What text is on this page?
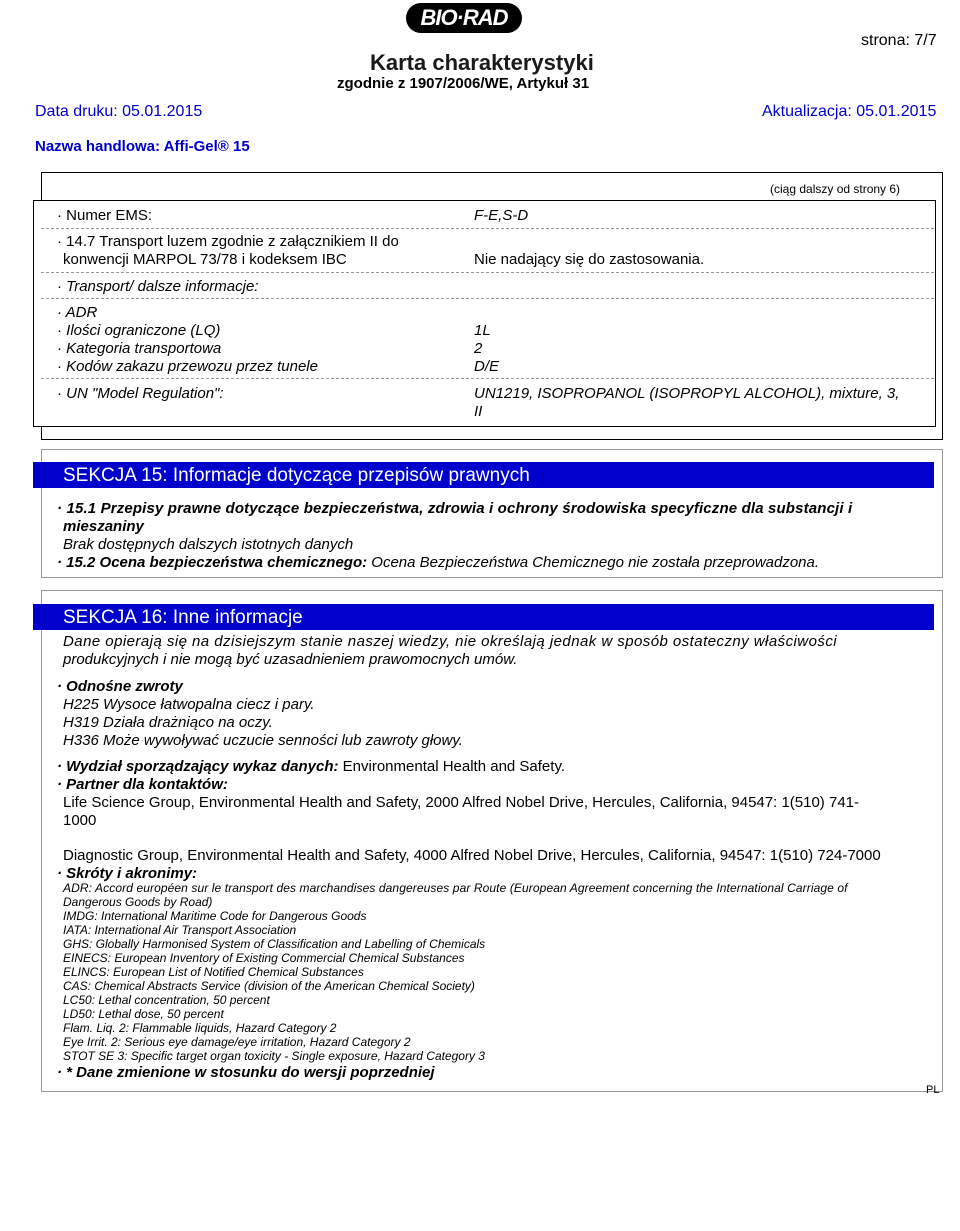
BIO·RAD
strona: 7/7
Karta charakterystyki
zgodnie z 1907/2006/WE, Artykuł 31
Data druku: 05.01.2015	Aktualizacja: 05.01.2015
Nazwa handlowa: Affi-Gel® 15
(ciąg dalszy od strony 6)
· Numer EMS:	F-E,S-D
· 14.7 Transport luzem zgodnie z załącznikiem II do
konwencji MARPOL 73/78 i kodeksem IBC	Nie nadający się do zastosowania.
· Transport/ dalsze informacje:
· ADR
· Ilości ograniczone (LQ)	1L
· Kategoria transportowa	2
· Kodów zakazu przewozu przez tunele	D/E
· UN "Model Regulation":	UN1219, ISOPROPANOL (ISOPROPYL ALCOHOL), mixture, 3,
II
SEKCJA 15: Informacje dotyczące przepisów prawnych
· 15.1 Przepisy prawne dotyczące bezpieczeństwa, zdrowia i ochrony środowiska specyficzne dla substancji i
mieszaniny
Brak dostępnych dalszych istotnych danych
· 15.2 Ocena bezpieczeństwa chemicznego: Ocena Bezpieczeństwa Chemicznego nie została przeprowadzona.
SEKCJA 16: Inne informacje
Dane opierają się na dzisiejszym stanie naszej wiedzy, nie określają jednak w sposób ostateczny właściwości
produkcyjnych i nie mogą być uzasadnieniem prawomocnych umów.
· Odnośne zwroty
H225 Wysoce łatwopalna ciecz i pary.
H319 Działa drażniąco na oczy.
H336 Może wywoływać uczucie senności lub zawroty głowy.
· Wydział sporządzający wykaz danych: Environmental Health and Safety.
· Partner dla kontaktów:
Life Science Group, Environmental Health and Safety, 2000 Alfred Nobel Drive, Hercules, California, 94547: 1(510) 741-
1000
Diagnostic Group, Environmental Health and Safety, 4000 Alfred Nobel Drive, Hercules, California, 94547: 1(510) 724-7000
· Skróty i akronimy:
ADR: Accord européen sur le transport des marchandises dangereuses par Route (European Agreement concerning the International Carriage of
Dangerous Goods by Road)
IMDG: International Maritime Code for Dangerous Goods
IATA: International Air Transport Association
GHS: Globally Harmonised System of Classification and Labelling of Chemicals
EINECS: European Inventory of Existing Commercial Chemical Substances
ELINCS: European List of Notified Chemical Substances
CAS: Chemical Abstracts Service (division of the American Chemical Society)
LC50: Lethal concentration, 50 percent
LD50: Lethal dose, 50 percent
Flam. Liq. 2: Flammable liquids, Hazard Category 2
Eye Irrit. 2: Serious eye damage/eye irritation, Hazard Category 2
STOT SE 3: Specific target organ toxicity - Single exposure, Hazard Category 3
· * Dane zmienione w stosunku do wersji poprzedniej
PL
